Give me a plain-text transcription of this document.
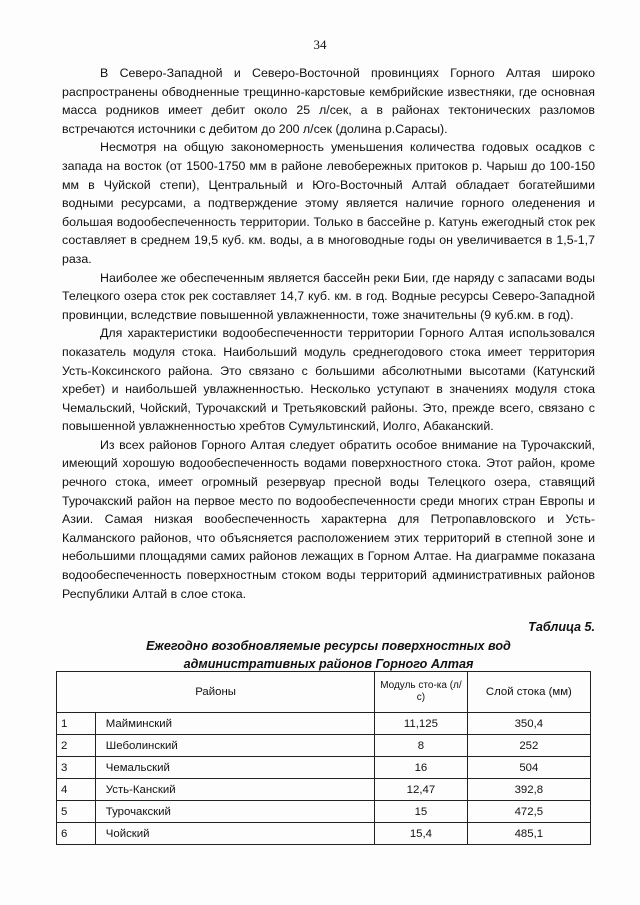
34

В Северо-Западной и Северо-Восточной провинциях Горного Алтая широко распространены обводненные трещинно-карстовые кембрийские известняки, где основная масса родников имеет дебит около 25 л/сек, а в районах тектонических разломов встречаются источники с дебитом до 200 л/сек (долина р.Сарасы).

Несмотря на общую закономерность уменьшения количества годовых осадков с запада на восток (от 1500-1750 мм в районе левобережных притоков р. Чарыш до 100-150 мм в Чуйской степи), Центральный и Юго-Восточный Алтай обладает богатейшими водными ресурсами, а подтверждение этому является наличие горного оледенения и большая водообеспеченность территории. Только в бассейне р. Катунь ежегодный сток рек составляет в среднем 19,5 куб. км. воды, а в многоводные годы он увеличивается в 1,5-1,7 раза.

Наиболее же обеспеченным является бассейн реки Бии, где наряду с запасами воды Телецкого озера сток рек составляет 14,7 куб. км. в год. Водные ресурсы Северо-Западной провинции, вследствие повышенной увлажненности, тоже значительны (9 куб.км. в год).

Для характеристики водообеспеченности территории Горного Алтая использовался показатель модуля стока. Наибольший модуль среднегодового стока имеет территория Усть-Коксинского района. Это связано с большими абсолютными высотами (Катунский хребет) и наибольшей увлажненностью. Несколько уступают в значениях модуля стока Чемальский, Чойский, Турочакский и Третьяковский районы. Это, прежде всего, связано с повышенной увлажненностью хребтов Сумультинский, Иолго, Абаканский.

Из всех районов Горного Алтая следует обратить особое внимание на Турочакский, имеющий хорошую водообеспеченность водами поверхностного стока. Этот район, кроме речного стока, имеет огромный резервуар пресной воды Телецкого озера, ставящий Турочакский район на первое место по водообеспеченности среди многих стран Европы и Азии. Самая низкая вообеспеченность характерна для Петропавловского и Усть-Калманского районов, что объясняется расположением этих территорий в степной зоне и небольшими площадями самих районов лежащих в Горном Алтае. На диаграмме показана водообеспеченность поверхностным стоком воды территорий административных районов Республики Алтай в слое стока.

Таблица 5.
Ежегодно возобновляемые ресурсы поверхностных вод
административных районов Горного Алтая
Районы		Модуль сто-ка (л/с)	Слой стока (мм)
1	Майминский	11,125	350,4
2	Шеболинский	8	252
3	Чемальский	16	504
4	Усть-Канский	12,47	392,8
5	Турочакский	15	472,5
6	Чойский	15,4	485,1
